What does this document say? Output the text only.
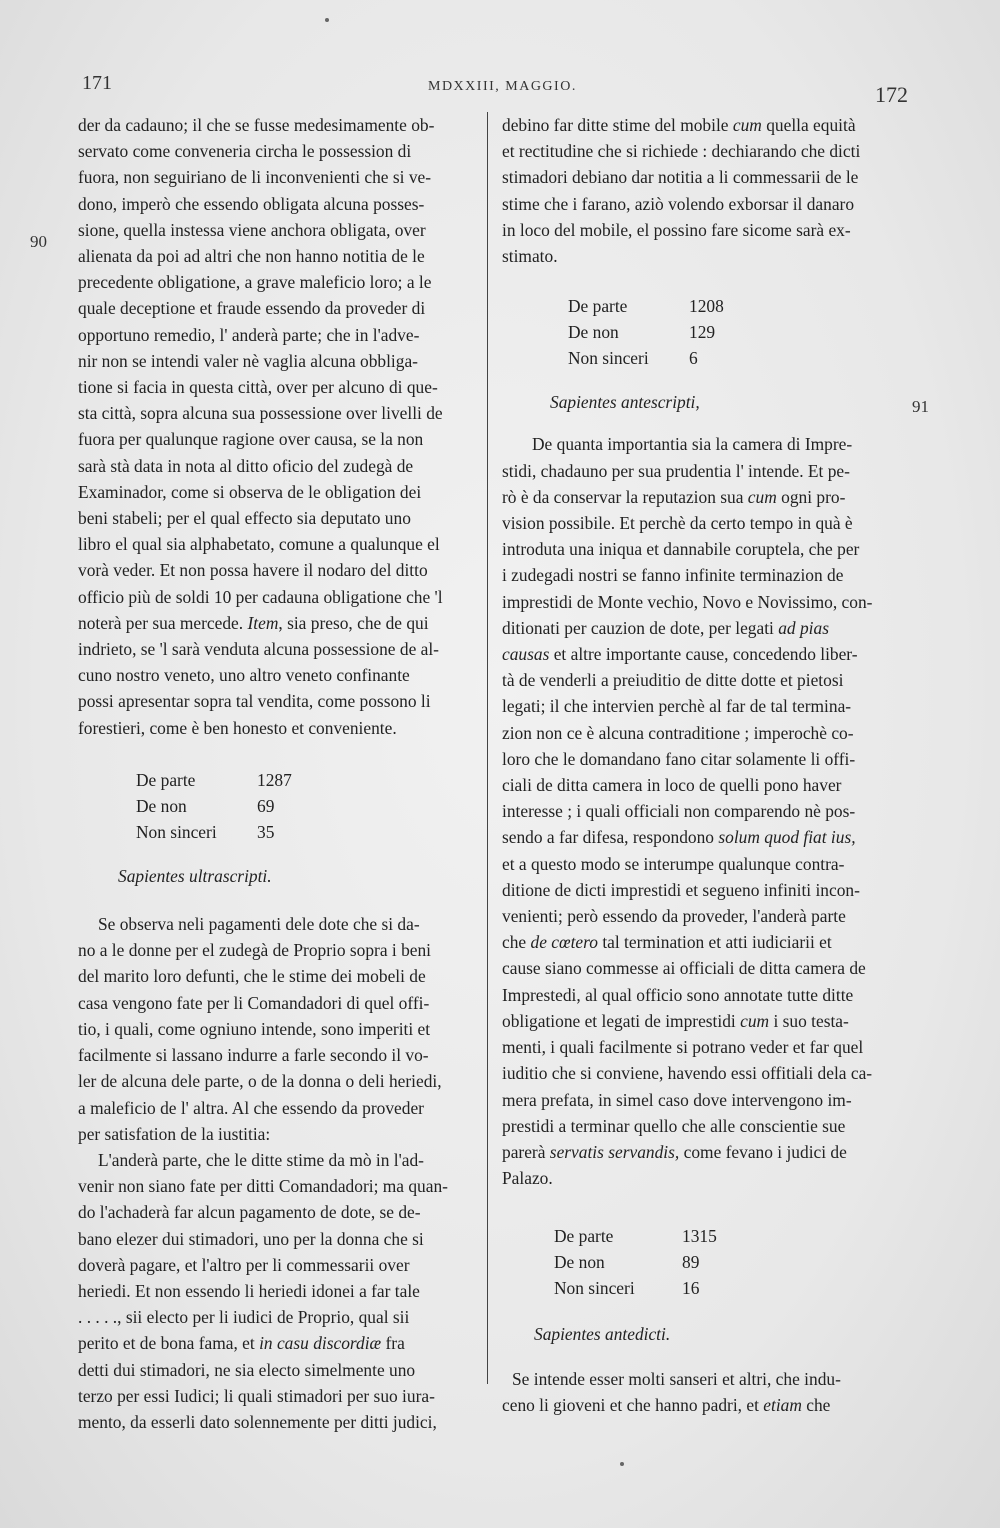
171	MDXXIII, MAGGIO.	172
90
91

der da cadauno; il che se fusse medesimamente ob-
servato come conveneria circha le possession di
fuora, non seguiriano de li inconvenienti che si ve-
dono, imperò che essendo obligata alcuna posses-
sione, quella instessa viene anchora obligata, over
alienata da poi ad altri che non hanno notitia de le
precedente obligatione, a grave maleficio loro; a le
quale deceptione et fraude essendo da proveder di
opportuno remedio, l' anderà parte; che in l'adve-
nir non se intendi valer nè vaglia alcuna obbliga-
tione si facia in questa città, over per alcuno di que-
sta città, sopra alcuna sua possessione over livelli de
fuora per qualunque ragione over causa, se la non
sarà stà data in nota al ditto oficio del zudegà de
Examinador, come si observa de le obligation dei
beni stabeli; per el qual effecto sia deputato uno
libro el qual sia alphabetato, comune a qualunque el
vorà veder. Et non possa havere il nodaro del ditto
officio più de soldi 10 per cadauna obligatione che 'l
noterà per sua mercede. Item, sia preso, che de qui
indrieto, se 'l sarà venduta alcuna possessione de al-
cuno nostro veneto, uno altro veneto confinante
possi apresentar sopra tal vendita, come possono li
forestieri, come è ben honesto et conveniente.

De parte	1287

De non	69

Non sinceri 35

Sapientes ultrascripti.

Se observa neli pagamenti dele dote che si da-
no a le donne per el zudegà de Proprio sopra i beni
del marito loro defunti, che le stime dei mobeli de
casa vengono fate per li Comandadori di quel offi-
tio, i quali, come ogniuno intende, sono imperiti et
facilmente si lassano indurre a farle secondo il vo-
ler de alcuna dele parte, o de la donna o deli heriedi,
a maleficio de l' altra. Al che essendo da proveder
per satisfation de la iustitia:

L'anderà parte, che le ditte stime da mò in l'ad-
venir non siano fate per ditti Comandadori; ma quan-
do l'achaderà far alcun pagamento de dote, se de-
bano elezer dui stimadori, uno per la donna che si
doverà pagare, et l'altro per li commessarii over
heriedi. Et non essendo li heriedi idonei a far tale
. . . . ., sii electo per li iudici de Proprio, qual sii
perito et de bona fama, et in casu discordiæ fra
detti dui stimadori, ne sia electo simelmente uno
terzo per essi Iudici; li quali stimadori per suo iura-
mento, da esserli dato solennemente per ditti judici,

debino far ditte stime del mobile cum quella equità
et rectitudine che si richiede : dechiarando che dicti
stimadori debiano dar notitia a li commessarii de le
stime che i farano, aziò volendo exborsar il danaro
in loco del mobile, el possino fare sicome sarà ex-
stimato.

De parte	1208

De non	129

Non sinceri 6

Sapientes antescripti,

De quanta importantia sia la camera di Impre-
stidi, chadauno per sua prudentia l' intende. Et pe-
rò è da conservar la reputazion sua cum ogni pro-
vision possibile. Et perchè da certo tempo in quà è
introduta una iniqua et dannabile coruptela, che per
i zudegadi nostri se fanno infinite terminazion de
imprestidi de Monte vechio, Novo e Novissimo, con-
ditionati per cauzion de dote, per legati ad pias
causas et altre importante cause, concedendo liber-
tà de venderli a preiuditio de ditte dotte et pietosi
legati; il che intervien perchè al far de tal termina-
zion non ce è alcuna contraditione ; imperochè co-
loro che le domandano fano citar solamente li offi-
ciali de ditta camera in loco de quelli pono haver
interesse ; i quali officiali non comparendo nè pos-
sendo a far difesa, respondono solum quod fiat ius,
et a questo modo se interumpe qualunque contra-
ditione de dicti imprestidi et segueno infiniti incon-
venienti; però essendo da proveder, l'anderà parte
che de cœtero tal termination et atti iudiciarii et
cause siano commesse ai officiali de ditta camera de
Imprestedi, al qual officio sono annotate tutte ditte
obligatione et legati de imprestidi cum i suo testa-
menti, i quali facilmente si potrano veder et far quel
iuditio che si conviene, havendo essi offitiali dela ca-
mera prefata, in simel caso dove intervengono im-
prestidi a terminar quello che alle conscientie sue
parerà servatis servandis, come fevano i judici de
Palazo.

De parte	1315

De non	89

Non sinceri	16

Sapientes antedicti.

Se intende esser molti sanseri et altri, che indu-
ceno li gioveni et che hanno padri, et etiam che
